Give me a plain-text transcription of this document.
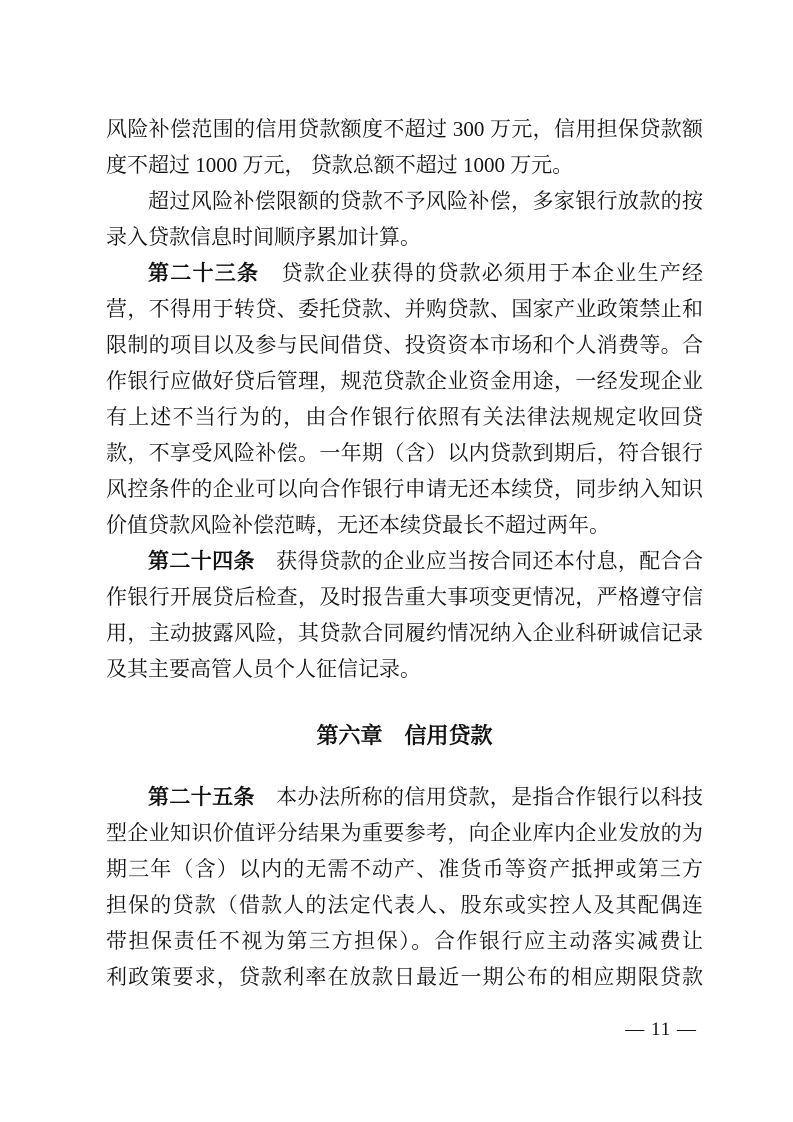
风险补偿范围的信用贷款额度不超过 300 万元，信用担保贷款额
度不超过 1000 万元， 贷款总额不超过 1000 万元。
超过风险补偿限额的贷款不予风险补偿，多家银行放款的按
录入贷款信息时间顺序累加计算。
第二十三条　贷款企业获得的贷款必须用于本企业生产经
营，不得用于转贷、委托贷款、并购贷款、国家产业政策禁止和
限制的项目以及参与民间借贷、投资资本市场和个人消费等。合
作银行应做好贷后管理，规范贷款企业资金用途，一经发现企业
有上述不当行为的，由合作银行依照有关法律法规规定收回贷
款，不享受风险补偿。一年期（含）以内贷款到期后，符合银行
风控条件的企业可以向合作银行申请无还本续贷，同步纳入知识
价值贷款风险补偿范畴，无还本续贷最长不超过两年。
第二十四条　获得贷款的企业应当按合同还本付息，配合合
作银行开展贷后检查，及时报告重大事项变更情况，严格遵守信
用，主动披露风险，其贷款合同履约情况纳入企业科研诚信记录
及其主要高管人员个人征信记录。
第六章　信用贷款
第二十五条　本办法所称的信用贷款，是指合作银行以科技
型企业知识价值评分结果为重要参考，向企业库内企业发放的为
期三年（含）以内的无需不动产、准货币等资产抵押或第三方
担保的贷款（借款人的法定代表人、股东或实控人及其配偶连
带担保责任不视为第三方担保）。合作银行应主动落实减费让
利政策要求，贷款利率在放款日最近一期公布的相应期限贷款
— 11 —
